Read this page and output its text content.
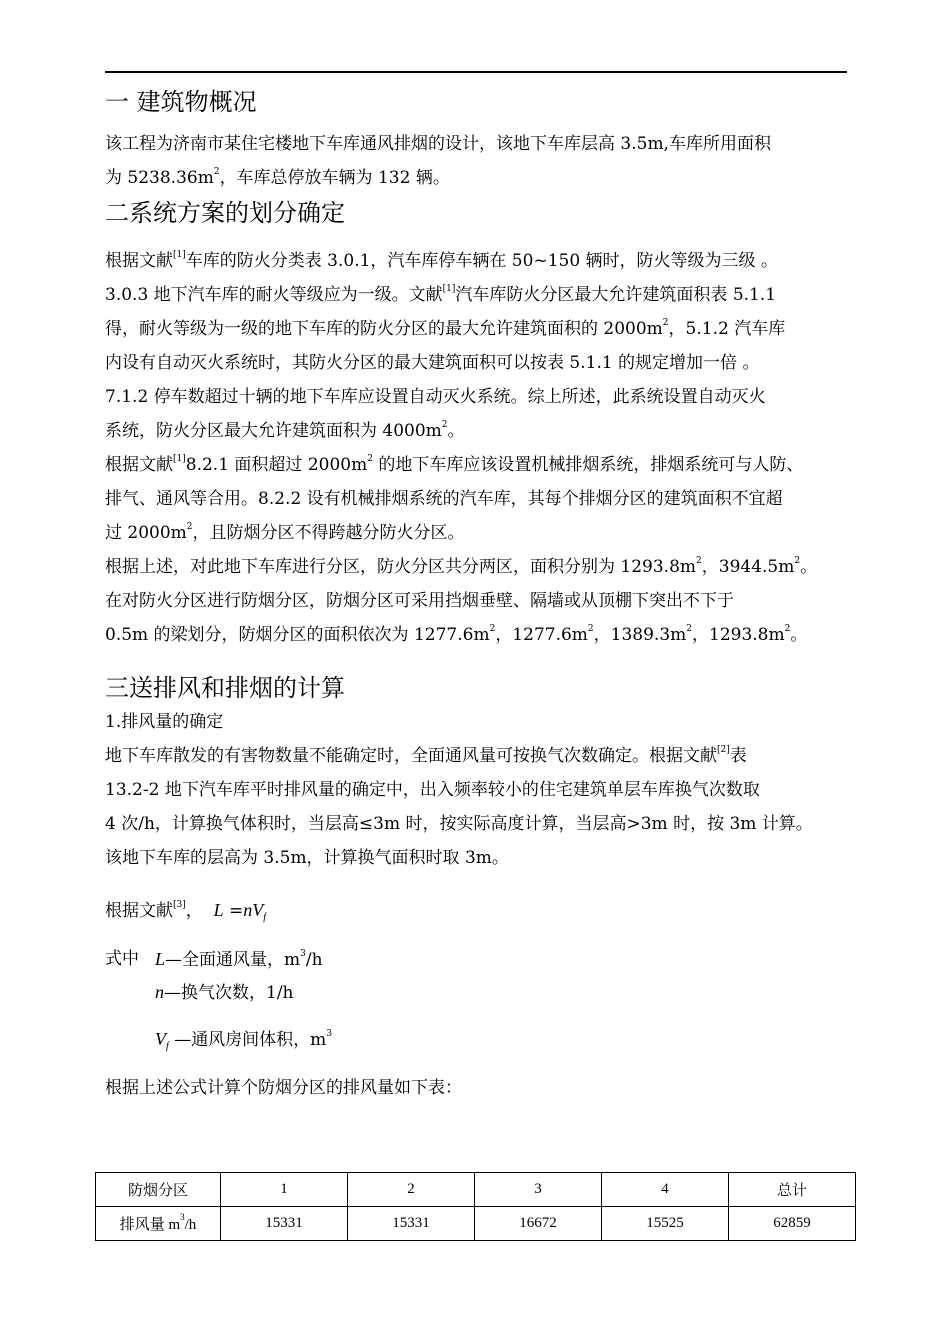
一 建筑物概况
该工程为济南市某住宅楼地下车库通风排烟的设计，该地下车库层高 3.5m,车库所用面积
为 $5238.36m^2$，车库总停放车辆为 132 辆。
二系统方案的划分确定
根据文献[1]车库的防火分类表 3.0.1，汽车库停车辆在 50~150 辆时，防火等级为三级 。
3.0.3 地下汽车库的耐火等级应为一级。文献[1]汽车库防火分区最大允许建筑面积表 5.1.1
得，耐火等级为一级的地下车库的防火分区的最大允许建筑面积的 $2000m^2$，5.1.2 汽车库
内设有自动灭火系统时，其防火分区的最大建筑面积可以按表 5.1.1 的规定增加一倍 。
7.1.2 停车数超过十辆的地下车库应设置自动灭火系统。综上所述，此系统设置自动灭火
系统，防火分区最大允许建筑面积为 $4000m^2$。
根据文献[1]8.2.1 面积超过 $2000m^2$ 的地下车库应该设置机械排烟系统，排烟系统可与人防、
排气、通风等合用。8.2.2 设有机械排烟系统的汽车库，其每个排烟分区的建筑面积不宜超
过 $2000m^2$，且防烟分区不得跨越分防火分区。
根据上述，对此地下车库进行分区，防火分区共分两区，面积分别为 $1293.8m^2$，$3944.5m^2$。
在对防火分区进行防烟分区，防烟分区可采用挡烟垂壁、隔墙或从顶棚下突出不下于
0.5m 的梁划分，防烟分区的面积依次为 $1277.6m^2$，$1277.6m^2$，$1389.3m^2$，$1293.8m^2$。
三送排风和排烟的计算
1.排风量的确定
地下车库散发的有害物数量不能确定时，全面通风量可按换气次数确定。根据文献[2]表
13.2-2 地下汽车库平时排风量的确定中，出入频率较小的住宅建筑单层车库换气次数取
4 次/h，计算换气体积时，当层高≤3m 时，按实际高度计算，当层高>3m 时，按 3m 计算。
该地下车库的层高为 3.5m，计算换气面积时取 3m。
根据文献[3]， $L =nV_f$
式中 L—全面通风量，$m^3/h$
n—换气次数，1/h
$V_f$ —通风房间体积，$m^3$
根据上述公式计算个防烟分区的排风量如下表：
防烟分区	1	2	3	4	总计
排风量 $m^3/h$	15331	15331	16672	15525	62859
